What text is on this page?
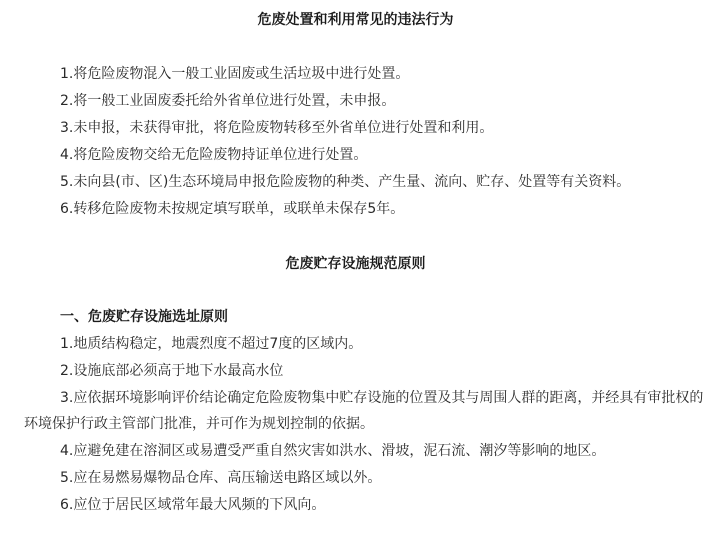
危废处置和利用常见的违法行为
1.将危险废物混入一般工业固废或生活垃圾中进行处置。
2.将一般工业固废委托给外省单位进行处置，未申报。
3.未申报，未获得审批，将危险废物转移至外省单位进行处置和利用。
4.将危险废物交给无危险废物持证单位进行处置。
5.未向县(市、区)生态环境局申报危险废物的种类、产生量、流向、贮存、处置等有关资料。
6.转移危险废物未按规定填写联单，或联单未保存5年。
危废贮存设施规范原则
一、危废贮存设施选址原则
1.地质结构稳定，地震烈度不超过7度的区域内。
2.设施底部必须高于地下水最高水位
3.应依据环境影响评价结论确定危险废物集中贮存设施的位置及其与周围人群的距离，并经具有审批权的环境保护行政主管部门批准，并可作为规划控制的依据。
4.应避免建在溶洞区或易遭受严重自然灾害如洪水、滑坡，泥石流、潮汐等影响的地区。
5.应在易燃易爆物品仓库、高压输送电路区域以外。
6.应位于居民区域常年最大风频的下风向。
